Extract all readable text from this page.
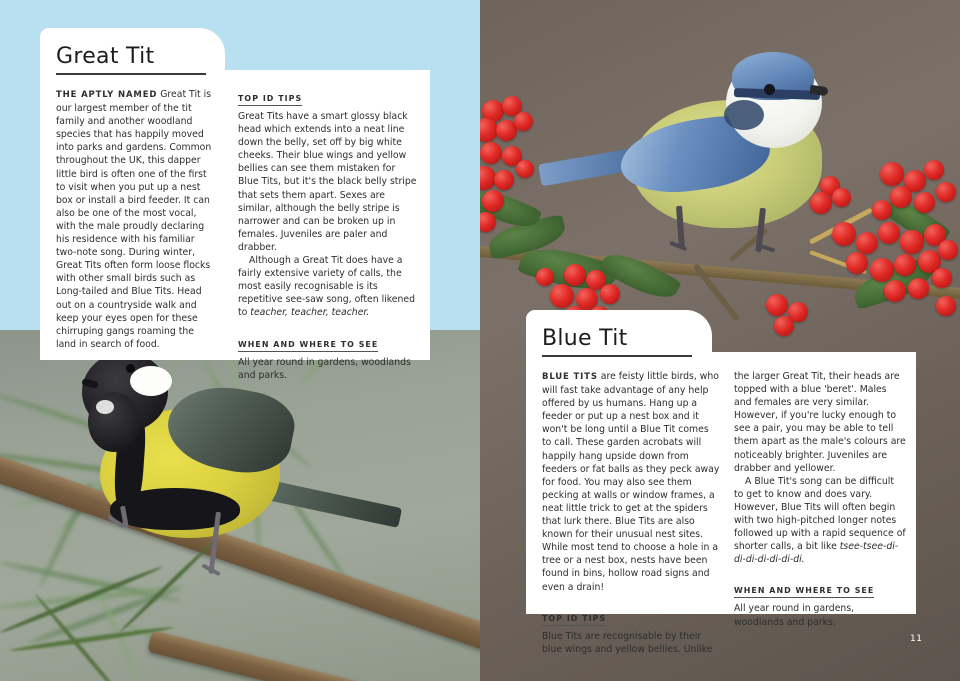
Great Tit

THE APTLY NAMED Great Tit is our largest member of the tit family and another woodland species that has happily moved into parks and gardens. Common throughout the UK, this dapper little bird is often one of the first to visit when you put up a nest box or install a bird feeder. It can also be one of the most vocal, with the male proudly declaring his residence with his familiar two-note song. During winter, Great Tits often form loose flocks with other small birds such as Long-tailed and Blue Tits. Head out on a countryside walk and keep your eyes open for these chirruping gangs roaming the land in search of food.

TOP ID TIPS

Great Tits have a smart glossy black head which extends into a neat line down the belly, set off by big white cheeks. Their blue wings and yellow bellies can see them mistaken for Blue Tits, but it's the black belly stripe that sets them apart. Sexes are similar, although the belly stripe is narrower and can be broken up in females. Juveniles are paler and drabber.

Although a Great Tit does have a fairly extensive variety of calls, the most easily recognisable is its repetitive see-saw song, often likened to teacher, teacher, teacher.

WHEN AND WHERE TO SEE
All year round in gardens, woodlands and parks.
Blue Tit

BLUE TITS are feisty little birds, who will fast take advantage of any help offered by us humans. Hang up a feeder or put up a nest box and it won't be long until a Blue Tit comes to call. These garden acrobats will happily hang upside down from feeders or fat balls as they peck away for food. You may also see them pecking at walls or window frames, a neat little trick to get at the spiders that lurk there. Blue Tits are also known for their unusual nest sites. While most tend to choose a hole in a tree or a nest box, nests have been found in bins, hollow road signs and even a drain!

TOP ID TIPS
Blue Tits are recognisable by their blue wings and yellow bellies. Unlike

the larger Great Tit, their heads are topped with a blue 'beret'. Males and females are very similar. However, if you're lucky enough to see a pair, you may be able to tell them apart as the male's colours are noticeably brighter. Juveniles are drabber and yellower.

A Blue Tit's song can be difficult to get to know and does vary. However, Blue Tits will often begin with two high-pitched longer notes followed up with a rapid sequence of shorter calls, a bit like tsee-tsee-di-di-di-di-di-di-di.

WHEN AND WHERE TO SEE
All year round in gardens, woodlands and parks.
11
